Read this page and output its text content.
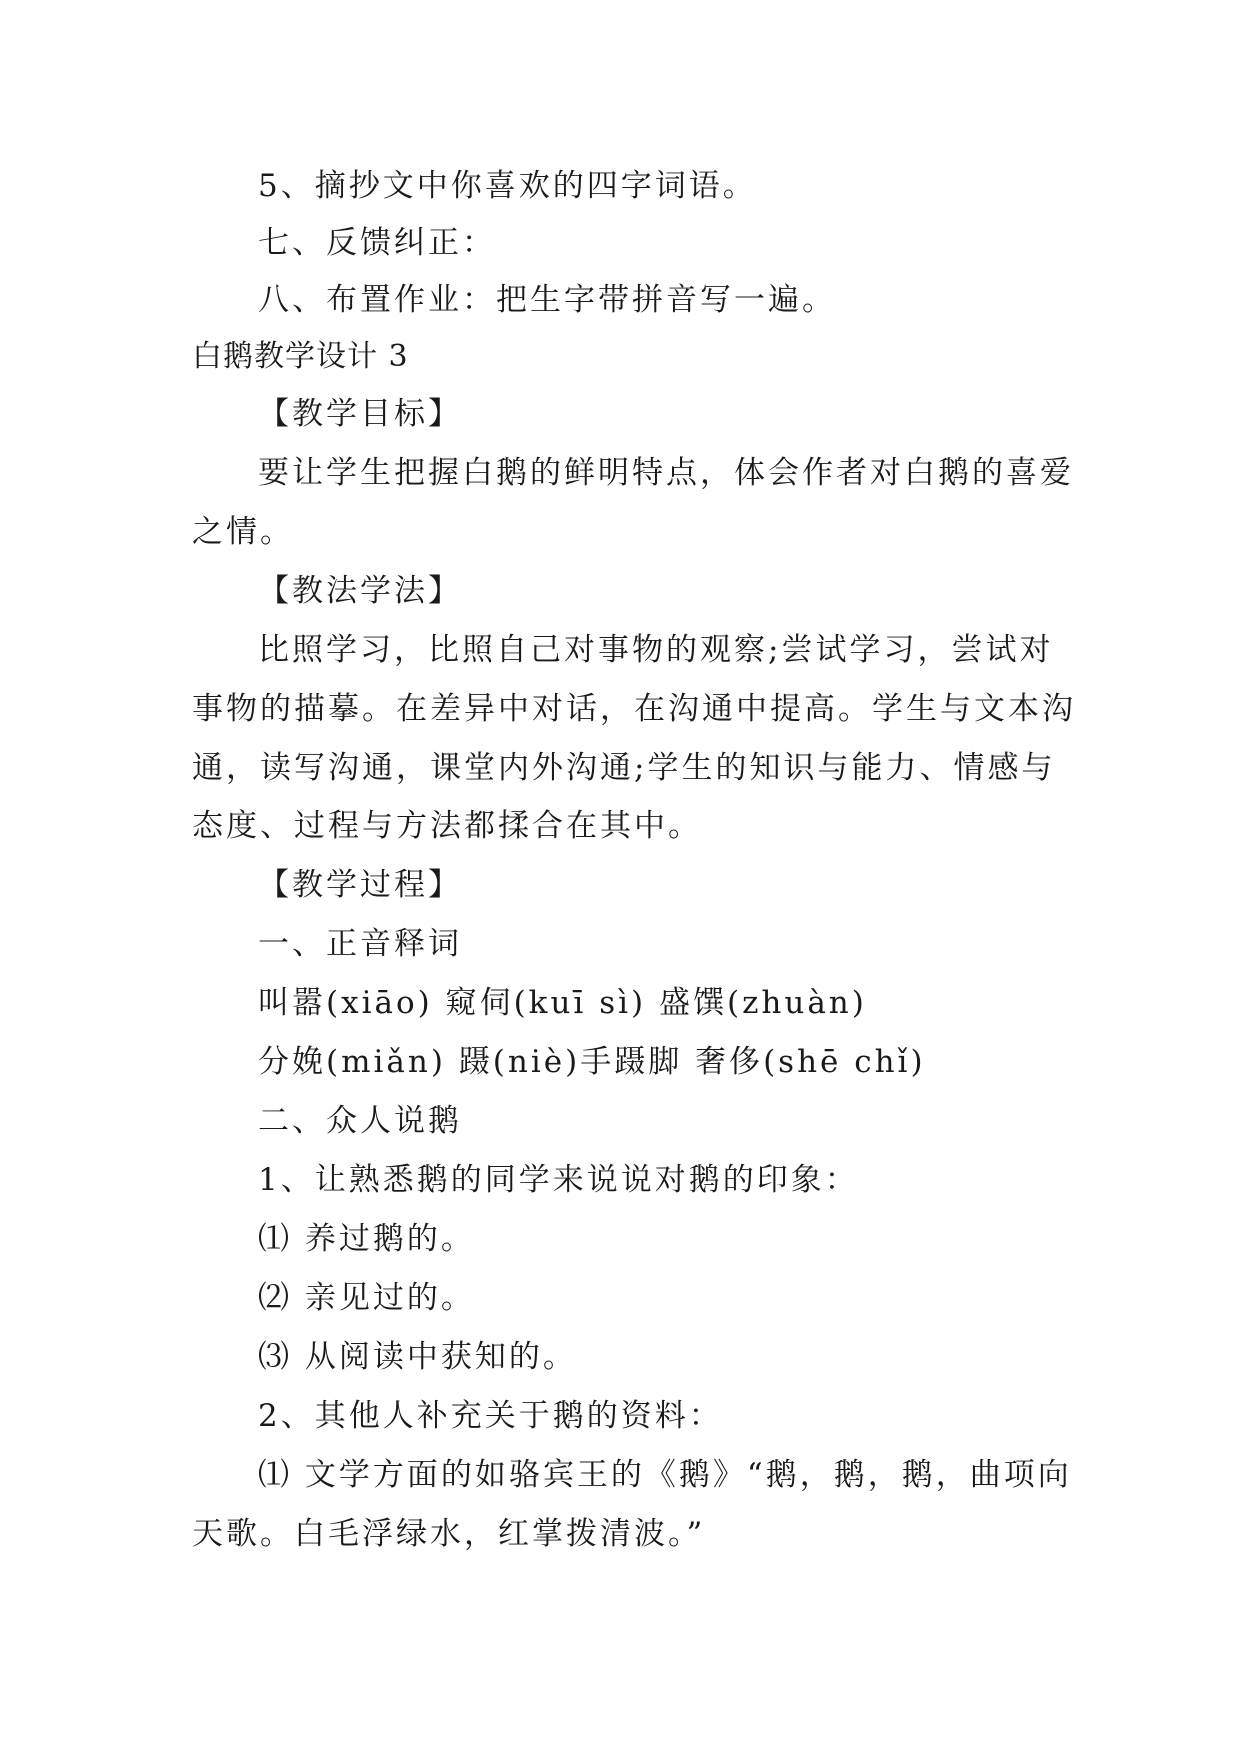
5、摘抄文中你喜欢的四字词语。
七、反馈纠正：
八、布置作业：把生字带拼音写一遍。
白鹅教学设计 3
【教学目标】
要让学生把握白鹅的鲜明特点，体会作者对白鹅的喜爱
之情。
【教法学法】
比照学习，比照自己对事物的观察;尝试学习，尝试对
事物的描摹。在差异中对话，在沟通中提高。学生与文本沟
通，读写沟通，课堂内外沟通;学生的知识与能力、情感与
态度、过程与方法都揉合在其中。
【教学过程】
一、正音释词
叫嚣(xiāo) 窥伺(kuī sì) 盛馔(zhuàn)
分娩(miǎn) 蹑(niè)手蹑脚 奢侈(shē chǐ)
二、众人说鹅
1、让熟悉鹅的同学来说说对鹅的印象：
⑴ 养过鹅的。
⑵ 亲见过的。
⑶ 从阅读中获知的。
2、其他人补充关于鹅的资料：
⑴ 文学方面的如骆宾王的《鹅》“鹅，鹅，鹅，曲项向
天歌。白毛浮绿水，红掌拨清波。”
